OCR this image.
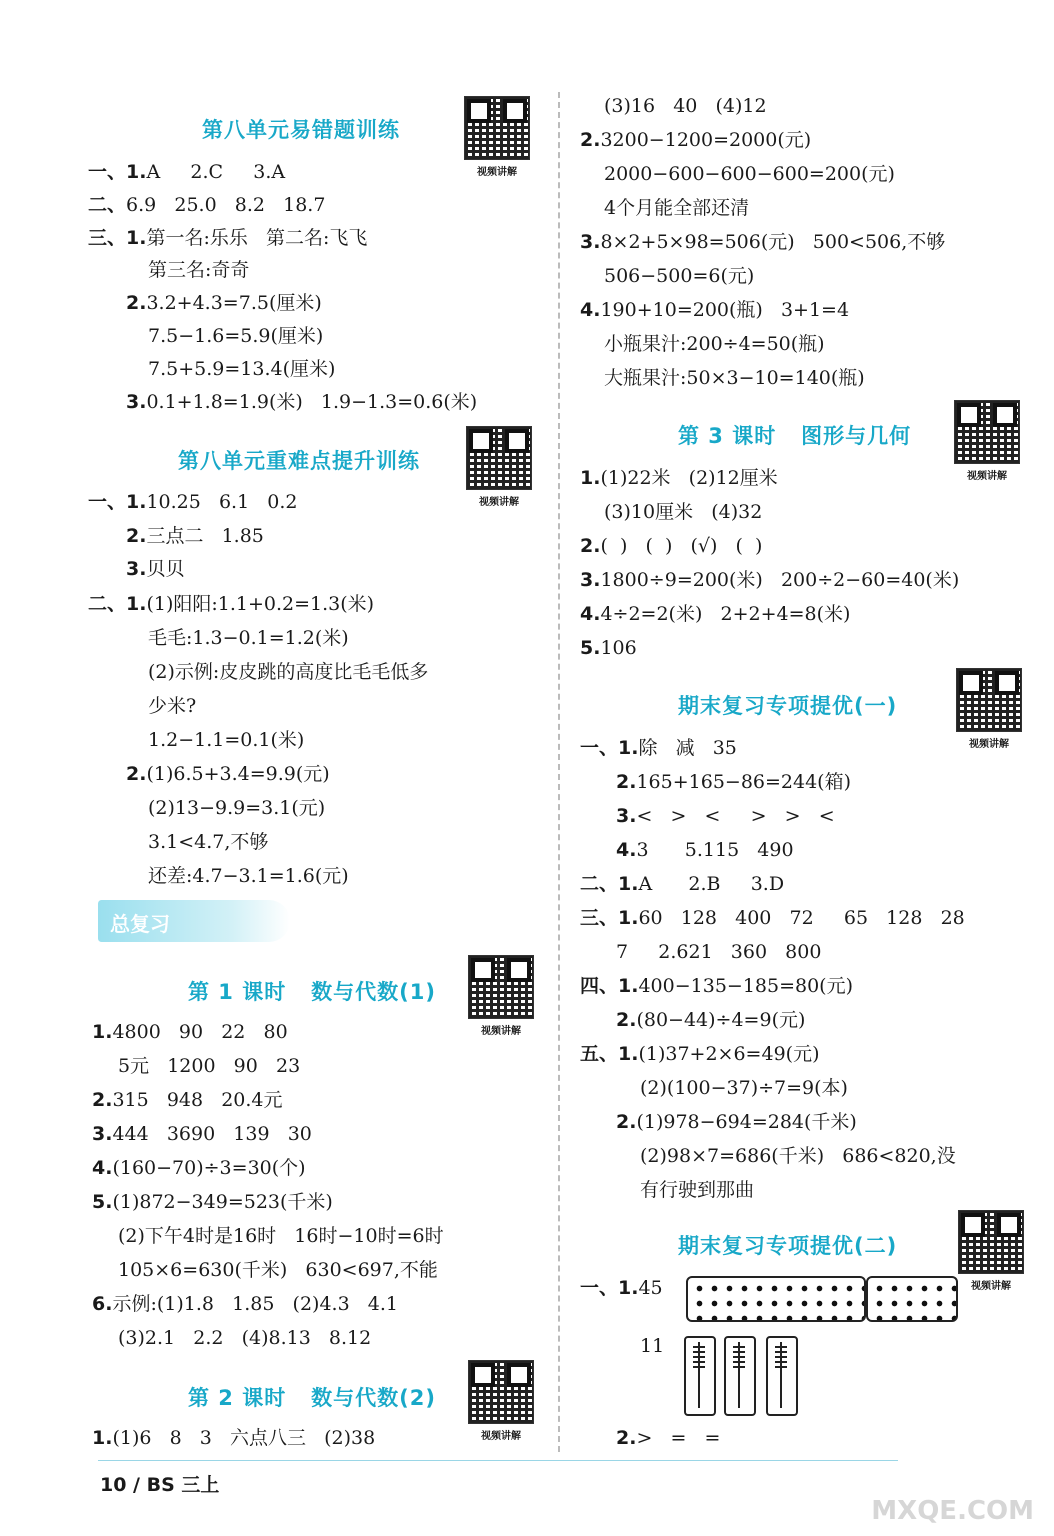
第八单元易错题训练
一、1.A     2.C     3.A
二、6.9   25.0   8.2   18.7
三、1.第一名:乐乐   第二名:飞飞
第三名:奇奇
2.3.2+4.3=7.5(厘米)
7.5−1.6=5.9(厘米)
7.5+5.9=13.4(厘米)
3.0.1+1.8=1.9(米)   1.9−1.3=0.6(米)
第八单元重难点提升训练
一、1.10.25   6.1   0.2
2.三点二   1.85
3.贝贝
二、1.(1)阳阳:1.1+0.2=1.3(米)
毛毛:1.3−0.1=1.2(米)
(2)示例:皮皮跳的高度比毛毛低多
少米?
1.2−1.1=0.1(米)
2.(1)6.5+3.4=9.9(元)
(2)13−9.9=3.1(元)
3.1<4.7,不够
还差:4.7−3.1=1.6(元)
第 1 课时   数与代数(1)
1.4800   90   22   80
5元   1200   90   23
2.315   948   20.4元
3.444   3690   139   30
4.(160−70)÷3=30(个)
5.(1)872−349=523(千米)
(2)下午4时是16时   16时−10时=6时
105×6=630(千米)   630<697,不能
6.示例:(1)1.8   1.85   (2)4.3   4.1
(3)2.1   2.2   (4)8.13   8.12
第 2 课时   数与代数(2)
1.(1)6   8   3   六点八三   (2)38
(3)16   40   (4)12
2.3200−1200=2000(元)
2000−600−600−600=200(元)
4个月能全部还清
3.8×2+5×98=506(元)   500<506,不够
506−500=6(元)
4.190+10=200(瓶)   3+1=4
小瓶果汁:200÷4=50(瓶)
大瓶果汁:50×3−10=140(瓶)
第 3 课时   图形与几何
1.(1)22米   (2)12厘米
(3)10厘米   (4)32
2.(  )   (  )   (√)   (  )
3.1800÷9=200(米)   200÷2−60=40(米)
4.4÷2=2(米)   2+2+4=8(米)
5.106
期末复习专项提优(一)
一、1.除   减   35
2.165+165−86=244(箱)
3.<   >   <     >   >   <
4.3      5.115   490
二、1.A      2.B     3.D
三、1.60   128   400   72     65   128   28
7     2.621   360   800
四、1.400−135−185=80(元)
2.(80−44)÷4=9(元)
五、1.(1)37+2×6=49(元)
(2)(100−37)÷7=9(本)
2.(1)978−694=284(千米)
(2)98×7=686(千米)   686<820,没
有行驶到那曲
期末复习专项提优(二)
一、1.45
11
2.>   =   =
总复习
视频讲解
视频讲解
视频讲解
视频讲解
视频讲解
视频讲解
视频讲解
10 / BS 三上
MXQE.COM
